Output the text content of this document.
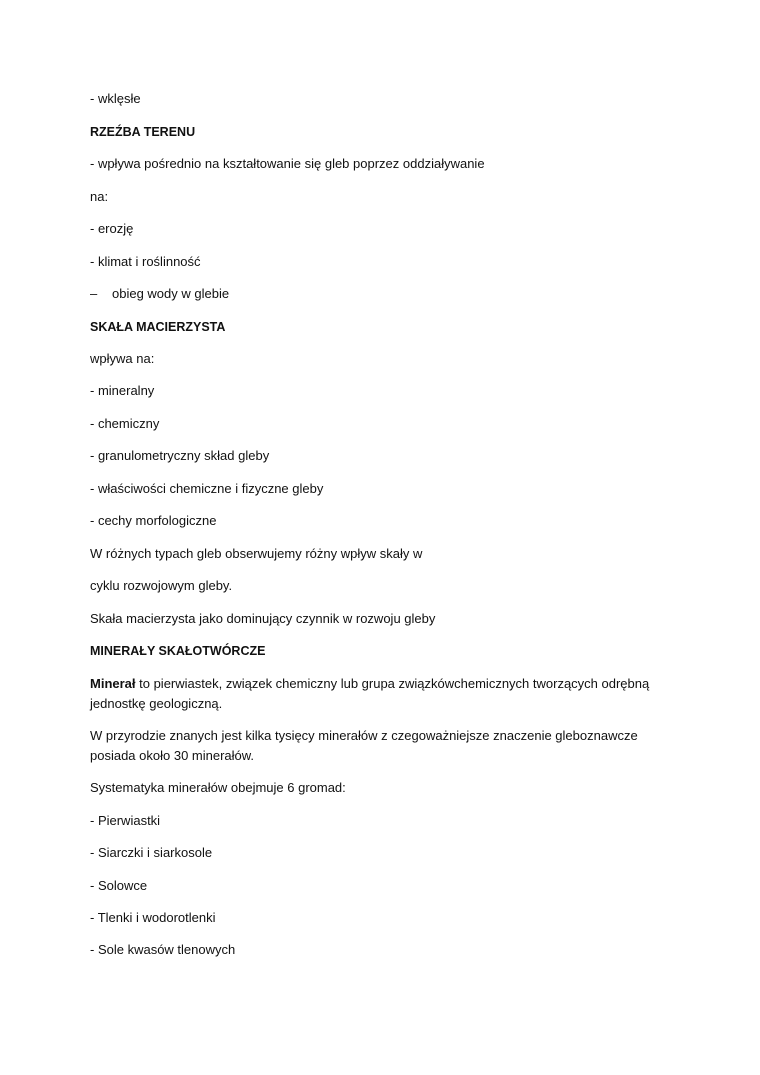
- wklęsłe

RZEŹBA TERENU

- wpływa pośrednio na kształtowanie się gleb poprzez oddziaływanie

na:

- erozję

- klimat i roślinność

– obieg wody w glebie

SKAŁA MACIERZYSTA

wpływa na:

- mineralny

- chemiczny

- granulometryczny skład gleby

- właściwości chemiczne i fizyczne gleby

- cechy morfologiczne

W różnych typach gleb obserwujemy różny wpływ skały w

cyklu rozwojowym gleby.

Skała macierzysta jako dominujący czynnik w rozwoju gleby

MINERAŁY SKAŁOTWÓRCZE

Minerał to pierwiastek, związek chemiczny lub grupa związkówchemicznych tworzących odrębną jednostkę geologiczną.

W przyrodzie znanych jest kilka tysięcy minerałów z czegoważniejsze znaczenie gleboznawcze posiada około 30 minerałów.

Systematyka minerałów obejmuje 6 gromad:

- Pierwiastki

- Siarczki i siarkosole

- Solowce

- Tlenki i wodorotlenki

- Sole kwasów tlenowych
